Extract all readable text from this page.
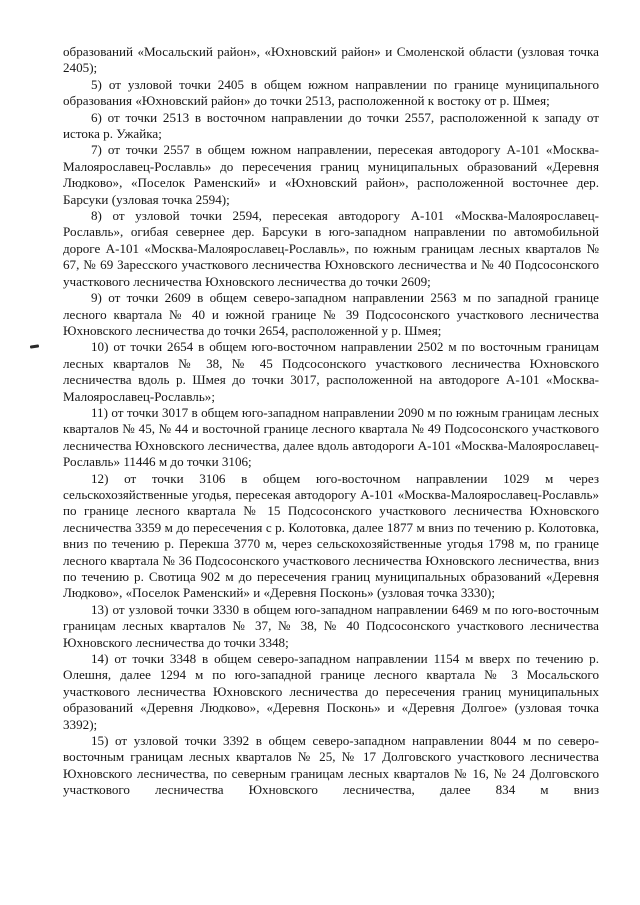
образований «Мосальский район», «Юхновский район» и Смоленской области (узловая точка 2405);

5) от узловой точки 2405 в общем южном направлении по границе муниципального образования «Юхновский район» до точки 2513, расположенной к востоку от р. Шмея;

6) от точки 2513 в восточном направлении до точки 2557, расположенной к западу от истока р. Ужайка;

7) от точки 2557 в общем южном направлении, пересекая автодорогу А-101 «Москва-Малоярославец-Рославль» до пересечения границ муниципальных образований «Деревня Людково», «Поселок Раменский» и «Юхновский район», расположенной восточнее дер. Барсуки (узловая точка 2594);

8) от узловой точки 2594, пересекая автодорогу А-101 «Москва-Малоярославец-Рославль», огибая севернее дер. Барсуки в юго-западном направлении по автомобильной дороге А-101 «Москва-Малоярославец-Рославль», по южным границам лесных кварталов № 67, № 69 Зaресского участкового лесничества Юхновского лесничества и № 40 Подсосонского участкового лесничества Юхновского лесничества до точки 2609;

9) от точки 2609 в общем северо-западном направлении 2563 м по западной границе лесного квартала № 40 и южной границе № 39 Подсосонского участкового лесничества Юхновского лесничества до точки 2654, расположенной у р. Шмея;

10) от точки 2654 в общем юго-восточном направлении 2502 м по восточным границам лесных кварталов № 38, № 45 Подсосонского участкового лесничества Юхновского лесничества вдоль р. Шмея до точки 3017, расположенной на автодороге А-101 «Москва-Малоярославец-Рославль»;

11) от точки 3017 в общем юго-западном направлении 2090 м по южным границам лесных кварталов № 45, № 44 и восточной границе лесного квартала № 49 Подсосонского участкового лесничества Юхновского лесничества, далее вдоль автодороги А-101 «Москва-Малоярославец-Рославль» 11446 м до точки 3106;

12) от точки 3106 в общем юго-восточном направлении 1029 м через сельскохозяйственные угодья, пересекая автодорогу А-101 «Москва-Малоярославец-Рославль» по границе лесного квартала № 15 Подсосонского участкового лесничества Юхновского лесничества 3359 м до пересечения с р. Колотовка, далее 1877 м вниз по течению р. Колотовка, вниз по течению р. Перекша 3770 м, через сельскохозяйственные угодья 1798 м, по границе лесного квартала № 36 Подсосонского участкового лесничества Юхновского лесничества, вниз по течению р. Свотица 902 м до пересечения границ муниципальных образований «Деревня Людково», «Поселок Раменский» и «Деревня Посконь» (узловая точка 3330);

13) от узловой точки 3330 в общем юго-западном направлении 6469 м по юго-восточным границам лесных кварталов № 37, № 38, № 40 Подсосонского участкового лесничества Юхновского лесничества до точки 3348;

14) от точки 3348 в общем северо-западном направлении 1154 м вверх по течению р. Олешня, далее 1294 м по юго-западной границе лесного квартала № 3 Мосальского участкового лесничества Юхновского лесничества до пересечения границ муниципальных образований «Деревня Людково», «Деревня Посконь» и «Деревня Долгое» (узловая точка 3392);

15) от узловой точки 3392 в общем северо-западном направлении 8044 м по северо-восточным границам лесных кварталов № 25, № 17 Долговского участкового лесничества Юхновского лесничества, по северным границам лесных кварталов № 16, № 24 Долговского участкового лесничества Юхновского лесничества, далее 834 м вниз
